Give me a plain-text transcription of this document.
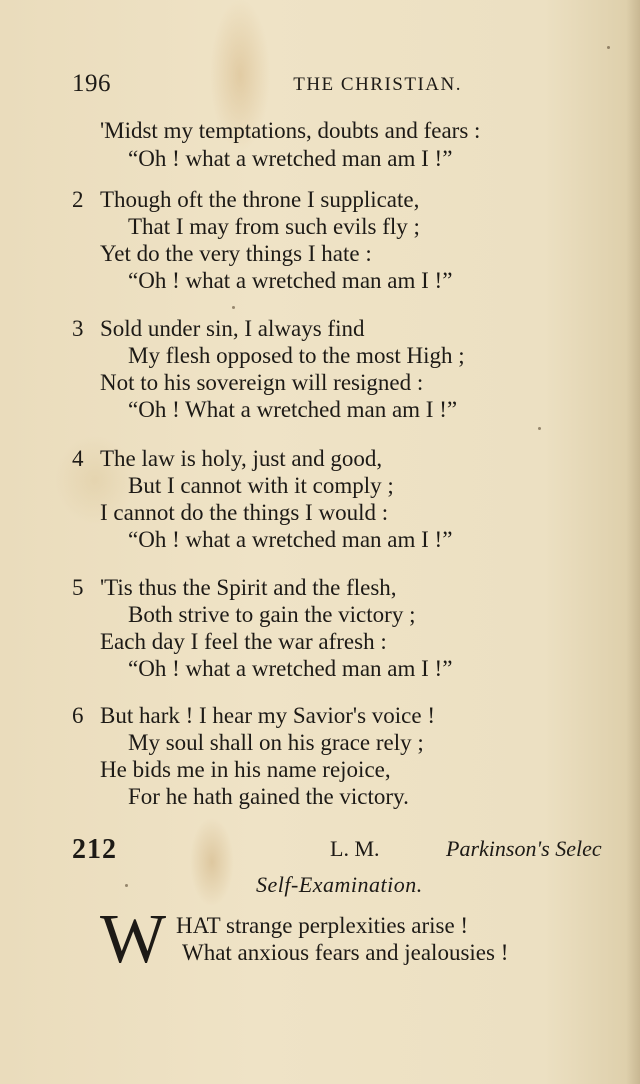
196	THE CHRISTIAN.
'Midst my temptations, doubts and fears :
“Oh ! what a wretched man am I !”
2 Though oft the throne I supplicate,
That I may from such evils fly ;
Yet do the very things I hate :
“Oh ! what a wretched man am I !”
3 Sold under sin, I always find
My flesh opposed to the most High ;
Not to his sovereign will resigned :
“Oh ! What a wretched man am I !”
4 The law is holy, just and good,
But I cannot with it comply ;
I cannot do the things I would :
“Oh ! what a wretched man am I !”
5 'Tis thus the Spirit and the flesh,
Both strive to gain the victory ;
Each day I feel the war afresh :
“Oh ! what a wretched man am I !”
6 But hark ! I hear my Savior's voice !
My soul shall on his grace rely ;
He bids me in his name rejoice,
For he hath gained the victory.
212	L. M.	Parkinson's Selec
Self-Examination.
W HAT strange perplexities arise !
What anxious fears and jealousies !
